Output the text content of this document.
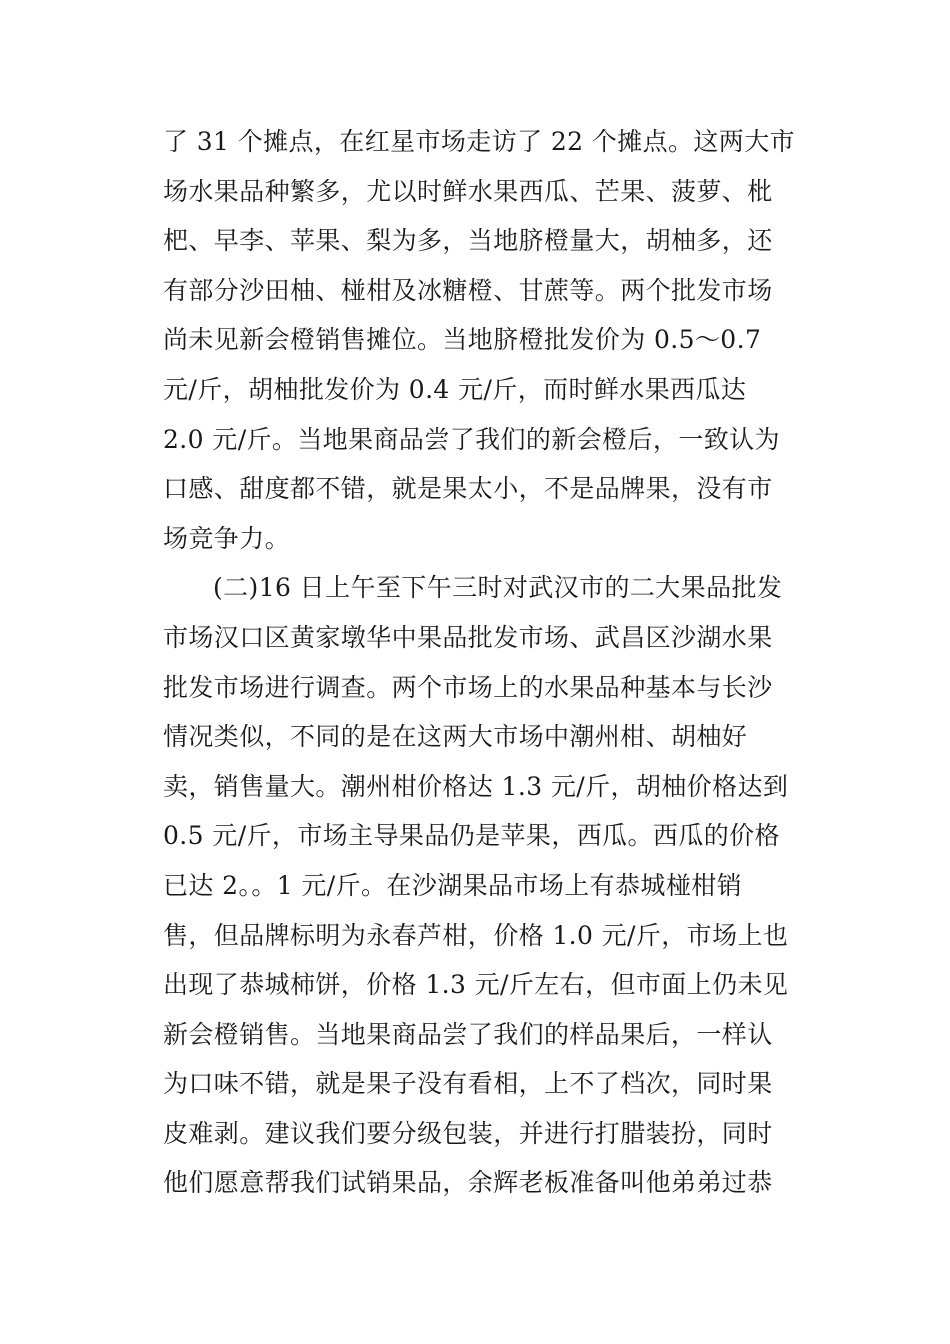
了 31 个摊点，在红星市场走访了 22 个摊点。这两大市
场水果品种繁多，尤以时鲜水果西瓜、芒果、菠萝、枇
杷、早李、苹果、梨为多，当地脐橙量大，胡柚多，还
有部分沙田柚、椪柑及冰糖橙、甘蔗等。两个批发市场
尚未见新会橙销售摊位。当地脐橙批发价为 0.5～0.7
元/斤，胡柚批发价为 0.4 元/斤，而时鲜水果西瓜达
2.0 元/斤。当地果商品尝了我们的新会橙后，一致认为
口感、甜度都不错，就是果太小，不是品牌果，没有市
场竞争力。
(二)16 日上午至下午三时对武汉市的二大果品批发
市场汉口区黄家墩华中果品批发市场、武昌区沙湖水果
批发市场进行调查。两个市场上的水果品种基本与长沙
情况类似，不同的是在这两大市场中潮州柑、胡柚好
卖，销售量大。潮州柑价格达 1.3 元/斤，胡柚价格达到
0.5 元/斤，市场主导果品仍是苹果，西瓜。西瓜的价格
已达 2。。1 元/斤。在沙湖果品市场上有恭城椪柑销
售，但品牌标明为永春芦柑，价格 1.0 元/斤，市场上也
出现了恭城柿饼，价格 1.3 元/斤左右，但市面上仍未见
新会橙销售。当地果商品尝了我们的样品果后，一样认
为口味不错，就是果子没有看相，上不了档次，同时果
皮难剥。建议我们要分级包装，并进行打腊装扮，同时
他们愿意帮我们试销果品，余辉老板准备叫他弟弟过恭
